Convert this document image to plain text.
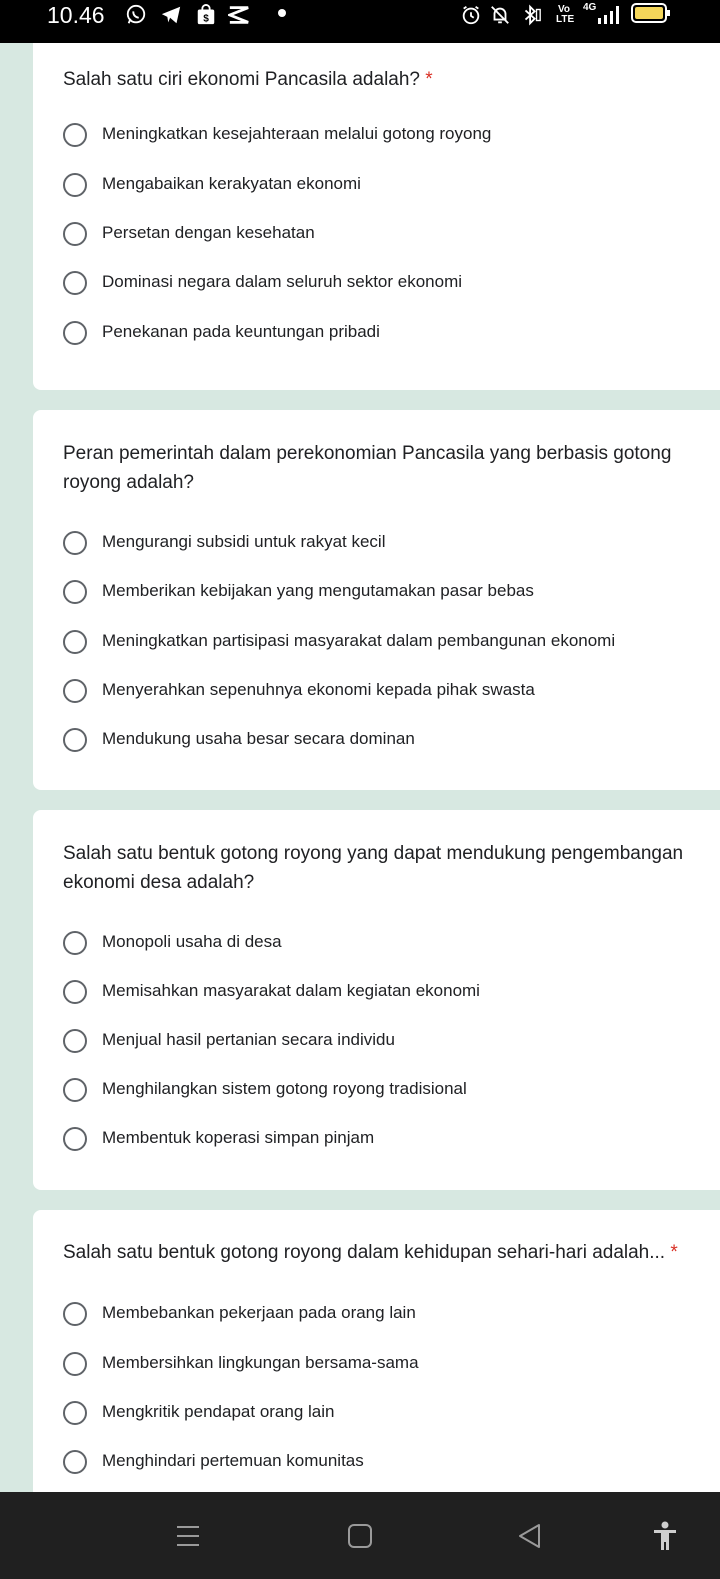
10.46	$
Vo
LTE
4G
Salah satu ciri ekonomi Pancasila adalah? *
Meningkatkan kesejahteraan melalui gotong royong
Mengabaikan kerakyatan ekonomi
Persetan dengan kesehatan
Dominasi negara dalam seluruh sektor ekonomi
Penekanan pada keuntungan pribadi
Peran pemerintah dalam perekonomian Pancasila yang berbasis gotong royong adalah?
Mengurangi subsidi untuk rakyat kecil
Memberikan kebijakan yang mengutamakan pasar bebas
Meningkatkan partisipasi masyarakat dalam pembangunan ekonomi
Menyerahkan sepenuhnya ekonomi kepada pihak swasta
Mendukung usaha besar secara dominan
Salah satu bentuk gotong royong yang dapat mendukung pengembangan ekonomi desa adalah?
Monopoli usaha di desa
Memisahkan masyarakat dalam kegiatan ekonomi
Menjual hasil pertanian secara individu
Menghilangkan sistem gotong royong tradisional
Membentuk koperasi simpan pinjam
Salah satu bentuk gotong royong dalam kehidupan sehari-hari adalah... *
Membebankan pekerjaan pada orang lain
Membersihkan lingkungan bersama-sama
Mengkritik pendapat orang lain
Menghindari pertemuan komunitas
